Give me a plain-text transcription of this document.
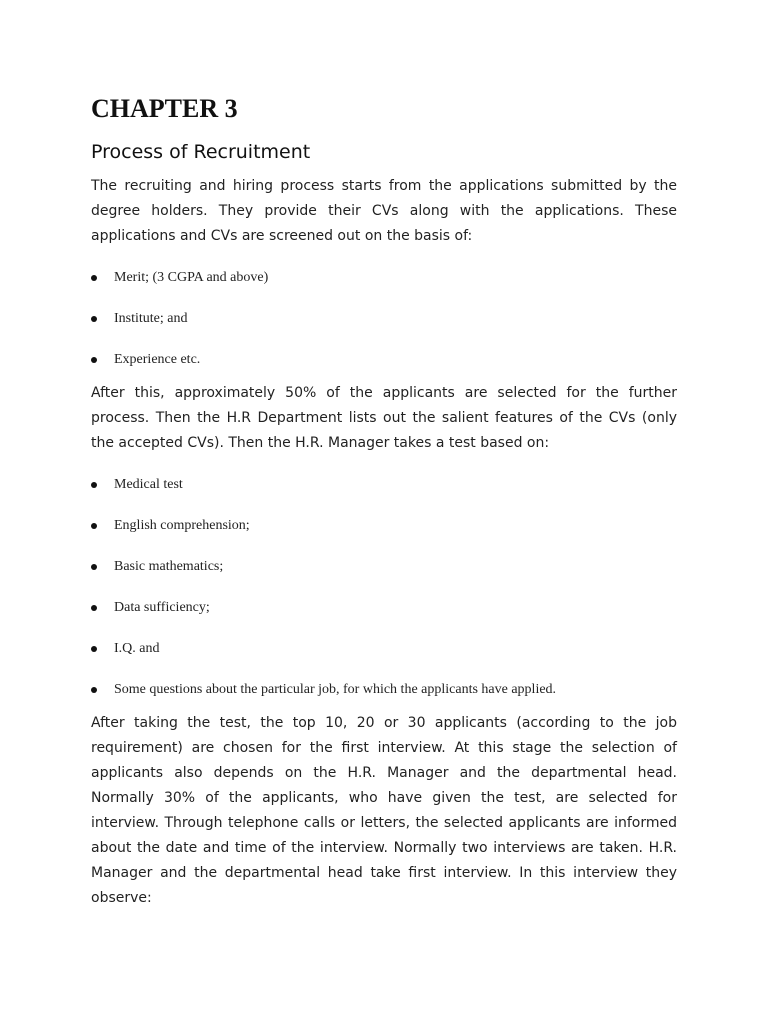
CHAPTER 3
Process of Recruitment

The recruiting and hiring process starts from the applications submitted by the degree holders. They provide their CVs along with the applications. These applications and CVs are screened out on the basis of:

Merit; (3 CGPA and above)
Institute; and
Experience etc.

After this, approximately 50% of the applicants are selected for the further process. Then the H.R Department lists out the salient features of the CVs (only the accepted CVs). Then the H.R. Manager takes a test based on:

Medical test
English comprehension;
Basic mathematics;
Data sufficiency;
I.Q. and
Some questions about the particular job, for which the applicants have applied.

After taking the test, the top 10, 20 or 30 applicants (according to the job requirement) are chosen for the first interview. At this stage the selection of applicants also depends on the H.R. Manager and the departmental head. Normally 30% of the applicants, who have given the test, are selected for interview. Through telephone calls or letters, the selected applicants are informed about the date and time of the interview. Normally two interviews are taken. H.R. Manager and the departmental head take first interview. In this interview they observe:
